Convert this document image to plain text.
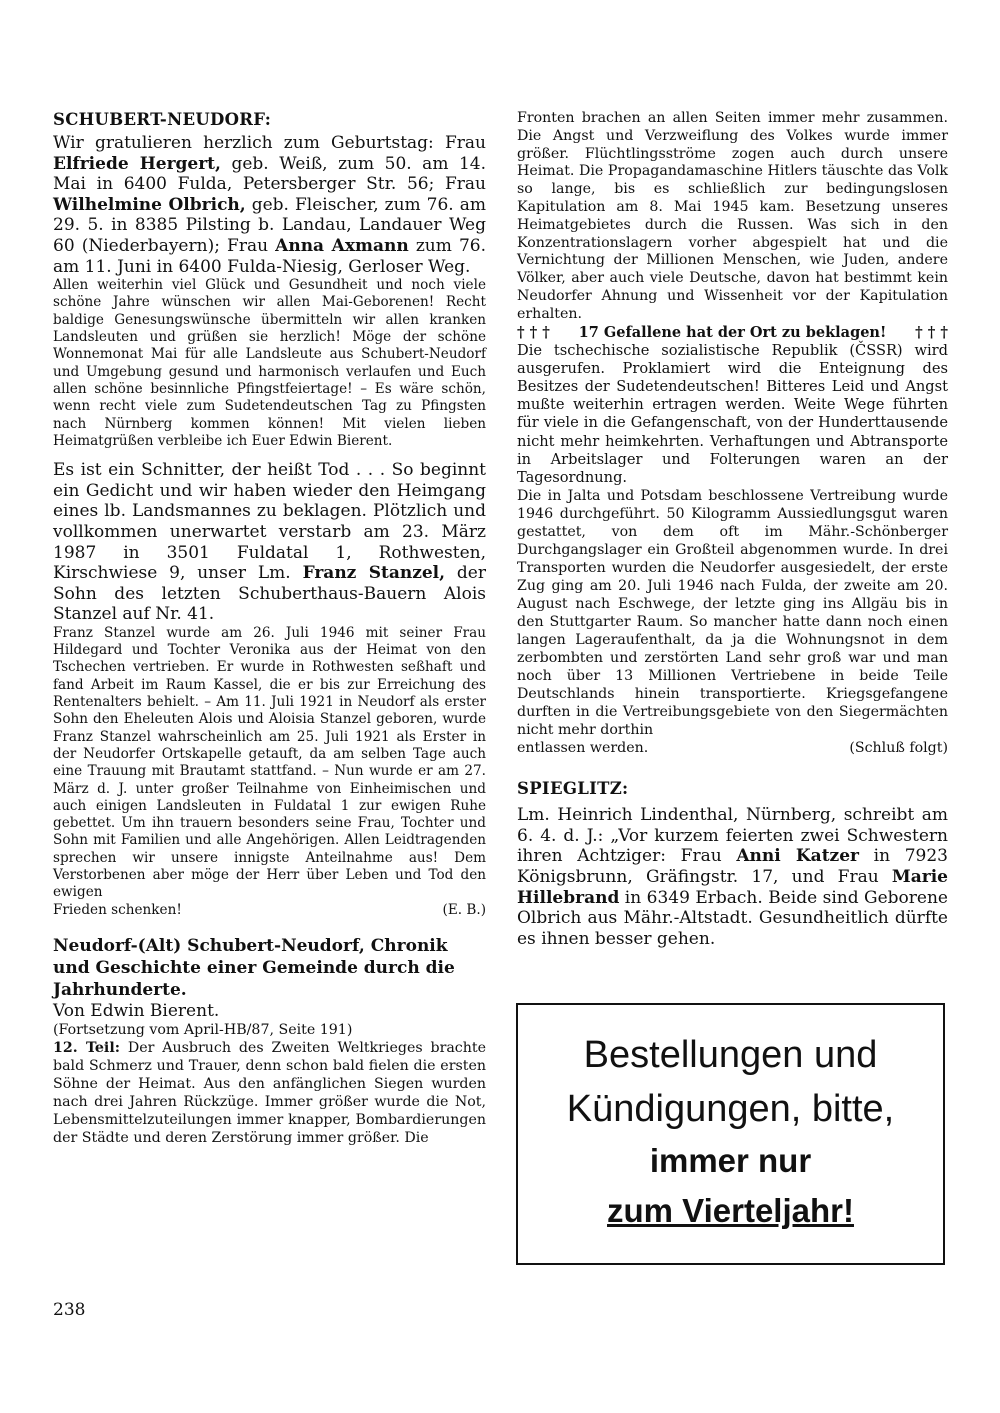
SCHUBERT-NEUDORF:

Wir gratulieren herzlich zum Geburtstag: Frau Elfriede Hergert, geb. Weiß, zum 50. am 14. Mai in 6400 Fulda, Petersberger Str. 56; Frau Wilhelmine Olbrich, geb. Fleischer, zum 76. am 29. 5. in 8385 Pilsting b. Landau, Landauer Weg 60 (Niederbayern); Frau Anna Axmann zum 76. am 11. Juni in 6400 Fulda-Niesig, Gerloser Weg.

Allen weiterhin viel Glück und Gesundheit und noch viele schöne Jahre wünschen wir allen Mai-Geborenen! Recht baldige Genesungswünsche übermitteln wir allen kranken Landsleuten und grüßen sie herzlich! Möge der schöne Wonnemonat Mai für alle Landsleute aus Schubert-Neudorf und Umgebung gesund und harmonisch verlaufen und Euch allen schöne besinnliche Pfingstfeiertage! – Es wäre schön, wenn recht viele zum Sudetendeutschen Tag zu Pfingsten nach Nürnberg kommen können! Mit vielen lieben Heimatgrüßen verbleibe ich Euer Edwin Bierent.

Es ist ein Schnitter, der heißt Tod . . . So beginnt ein Gedicht und wir haben wieder den Heimgang eines lb. Landsmannes zu beklagen. Plötzlich und vollkommen unerwartet verstarb am 23. März 1987 in 3501 Fuldatal 1, Rothwesten, Kirschwiese 9, unser Lm. Franz Stanzel, der Sohn des letzten Schuberthaus-Bauern Alois Stanzel auf Nr. 41.

Franz Stanzel wurde am 26. Juli 1946 mit seiner Frau Hildegard und Tochter Veronika aus der Heimat von den Tschechen vertrieben. Er wurde in Rothwesten seßhaft und fand Arbeit im Raum Kassel, die er bis zur Erreichung des Rentenalters behielt. – Am 11. Juli 1921 in Neudorf als erster Sohn den Eheleuten Alois und Aloisia Stanzel geboren, wurde Franz Stanzel wahrscheinlich am 25. Juli 1921 als Erster in der Neudorfer Ortskapelle getauft, da am selben Tage auch eine Trauung mit Brautamt stattfand. – Nun wurde er am 27. März d. J. unter großer Teilnahme von Einheimischen und auch einigen Landsleuten in Fuldatal 1 zur ewigen Ruhe gebettet. Um ihn trauern besonders seine Frau, Tochter und Sohn mit Familien und alle Angehörigen. Allen Leidtragenden sprechen wir unsere innigste Anteilnahme aus! Dem Verstorbenen aber möge der Herr über Leben und Tod den ewigen

Frieden schenken!	(E. B.)
Neudorf-(Alt) Schubert-Neudorf, Chronik und Geschichte einer Gemeinde durch die Jahrhunderte.
Von Edwin Bierent.
(Fortsetzung vom April-HB/87, Seite 191)

12. Teil: Der Ausbruch des Zweiten Weltkrieges brachte bald Schmerz und Trauer, denn schon bald fielen die ersten Söhne der Heimat. Aus den anfänglichen Siegen wurden nach drei Jahren Rückzüge. Immer größer wurde die Not, Lebensmittelzuteilungen immer knapper, Bombardierungen der Städte und deren Zerstörung immer größer. Die

Fronten brachen an allen Seiten immer mehr zusammen. Die Angst und Verzweiflung des Volkes wurde immer größer. Flüchtlingsströme zogen auch durch unsere Heimat. Die Propagandamaschine Hitlers täuschte das Volk so lange, bis es schließlich zur bedingungslosen Kapitulation am 8. Mai 1945 kam. Besetzung unseres Heimatgebietes durch die Russen. Was sich in den Konzentrationslagern vorher abgespielt hat und die Vernichtung der Millionen Menschen, wie Juden, andere Völker, aber auch viele Deutsche, davon hat bestimmt kein Neudorfer Ahnung und Wissenheit vor der Kapitulation erhalten.

† † † 17 Gefallene hat der Ort zu beklagen! † † †

Die tschechische sozialistische Republik (ČSSR) wird ausgerufen. Proklamiert wird die Enteignung des Besitzes der Sudetendeutschen! Bitteres Leid und Angst mußte weiterhin ertragen werden. Weite Wege führten für viele in die Gefangenschaft, von der Hunderttausende nicht mehr heimkehrten. Verhaftungen und Abtransporte in Arbeitslager und Folterungen waren an der Tagesordnung.

Die in Jalta und Potsdam beschlossene Vertreibung wurde 1946 durchgeführt. 50 Kilogramm Aussiedlungsgut waren gestattet, von dem oft im Mähr.-Schönberger Durchgangslager ein Großteil abgenommen wurde. In drei Transporten wurden die Neudorfer ausgesiedelt, der erste Zug ging am 20. Juli 1946 nach Fulda, der zweite am 20. August nach Eschwege, der letzte ging ins Allgäu bis in den Stuttgarter Raum. So mancher hatte dann noch einen langen Lageraufenthalt, da ja die Wohnungsnot in dem zerbombten und zerstörten Land sehr groß war und man noch über 13 Millionen Vertriebene in beide Teile Deutschlands hinein transportierte. Kriegsgefangene durften in die Vertreibungsgebiete von den Siegermächten nicht mehr dorthin

entlassen werden.	(Schluß folgt)
SPIEGLITZ:

Lm. Heinrich Lindenthal, Nürnberg, schreibt am 6. 4. d. J.: „Vor kurzem feierten zwei Schwestern ihren Achtziger: Frau Anni Katzer in 7923 Königsbrunn, Gräfingstr. 17, und Frau Marie Hillebrand in 6349 Erbach. Beide sind Geborene Olbrich aus Mähr.-Altstadt. Gesundheitlich dürfte es ihnen besser gehen.

Bestellungen und
Kündigungen, bitte,
immer nur
zum Vierteljahr!
238
